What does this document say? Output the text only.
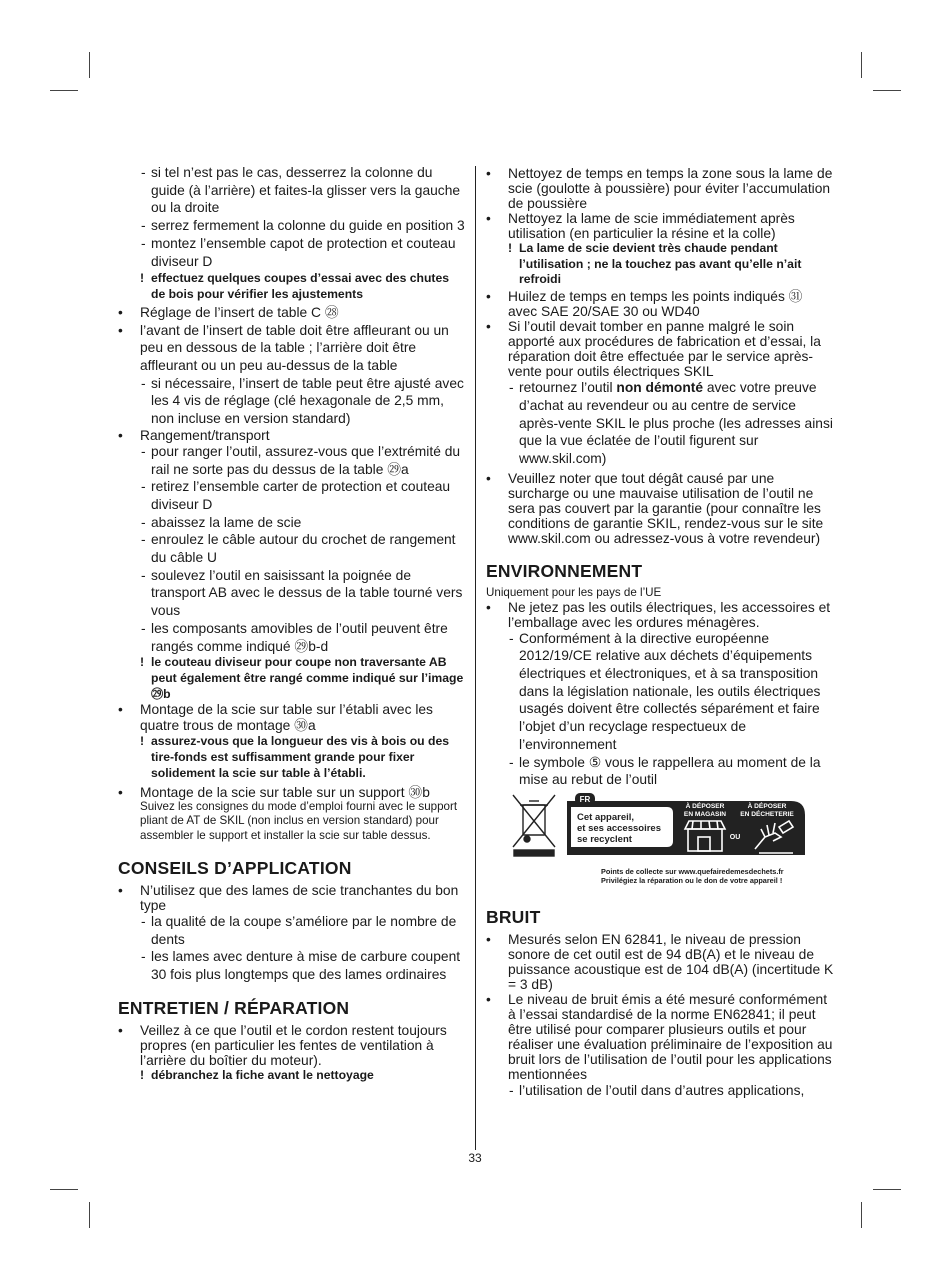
- si tel n’est pas le cas, desserrez la colonne du guide (à l’arrière) et faites-la glisser vers la gauche ou la droite
- serrez fermement la colonne du guide en position 3
- montez l’ensemble capot de protection et couteau diviseur D
! effectuez quelques coupes d’essai avec des chutes de bois pour vérifier les ajustements
• Réglage de l’insert de table C ㉘
• l’avant de l’insert de table doit être affleurant ou un peu en dessous de la table ; l’arrière doit être affleurant ou un peu au-dessus de la table
- si nécessaire, l’insert de table peut être ajusté avec les 4 vis de réglage (clé hexagonale de 2,5 mm, non incluse en version standard)
• Rangement/transport
- pour ranger l’outil, assurez-vous que l’extrémité du rail ne sorte pas du dessus de la table ㉙a
- retirez l’ensemble carter de protection et couteau diviseur D
- abaissez la lame de scie
- enroulez le câble autour du crochet de rangement du câble U
- soulevez l’outil en saisissant la poignée de transport AB avec le dessus de la table tourné vers vous
- les composants amovibles de l’outil peuvent être rangés comme indiqué ㉙b-d
! le couteau diviseur pour coupe non traversante AB peut également être rangé comme indiqué sur l’image ㉙b
• Montage de la scie sur table sur l’établi avec les quatre trous de montage ㉚a
! assurez-vous que la longueur des vis à bois ou des tire-fonds est suffisamment grande pour fixer solidement la scie sur table à l’établi.
• Montage de la scie sur table sur un support ㉚b
Suivez les consignes du mode d’emploi fourni avec le support pliant de AT de SKIL (non inclus en version standard) pour assembler le support et installer la scie sur table dessus.
CONSEILS D’APPLICATION
• N’utilisez que des lames de scie tranchantes du bon type
- la qualité de la coupe s’améliore par le nombre de dents
- les lames avec denture à mise de carbure coupent 30 fois plus longtemps que des lames ordinaires
ENTRETIEN / RÉPARATION
• Veillez à ce que l’outil et le cordon restent toujours propres (en particulier les fentes de ventilation à l’arrière du boîtier du moteur).
! débranchez la fiche avant le nettoyage
• Nettoyez de temps en temps la zone sous la lame de scie (goulotte à poussière) pour éviter l’accumulation de poussière
• Nettoyez la lame de scie immédiatement après utilisation (en particulier la résine et la colle)
! La lame de scie devient très chaude pendant l’utilisation ; ne la touchez pas avant qu’elle n’ait refroidi
• Huilez de temps en temps les points indiqués ㉛ avec SAE 20/SAE 30 ou WD40
• Si l’outil devait tomber en panne malgré le soin apporté aux procédures de fabrication et d’essai, la réparation doit être effectuée par le service après-vente pour outils électriques SKIL
- retournez l’outil non démonté avec votre preuve d’achat au revendeur ou au centre de service après-vente SKIL le plus proche (les adresses ainsi que la vue éclatée de l’outil figurent sur www.skil.com)
• Veuillez noter que tout dégât causé par une surcharge ou une mauvaise utilisation de l’outil ne sera pas couvert par la garantie (pour connaître les conditions de garantie SKIL, rendez-vous sur le site www.skil.com ou adressez-vous à votre revendeur)
ENVIRONNEMENT
Uniquement pour les pays de l’UE
• Ne jetez pas les outils électriques, les accessoires et l’emballage avec les ordures ménagères.
- Conformément à la directive européenne 2012/19/CE relative aux déchets d’équipements électriques et électroniques, et à sa transposition dans la législation nationale, les outils électriques usagés doivent être collectés séparément et faire l’objet d’un recyclage respectueux de l’environnement
- le symbole ⑤ vous le rappellera au moment de la mise au rebut de l’outil
FR
Cet appareil,
et ses accessoires
se recyclent
À DÉPOSER
EN MAGASIN
À DÉPOSER
EN DÉCHETERIE
OU
Points de collecte sur www.quefairedemesdechets.fr
Privilégiez la réparation ou le don de votre appareil !
BRUIT
• Mesurés selon EN 62841, le niveau de pression sonore de cet outil est de 94 dB(A) et le niveau de puissance acoustique est de 104 dB(A) (incertitude K = 3 dB)
• Le niveau de bruit émis a été mesuré conformément à l’essai standardisé de la norme EN62841; il peut être utilisé pour comparer plusieurs outils et pour réaliser une évaluation préliminaire de l’exposition au bruit lors de l’utilisation de l’outil pour les applications mentionnées
- l’utilisation de l’outil dans d’autres applications,
33
